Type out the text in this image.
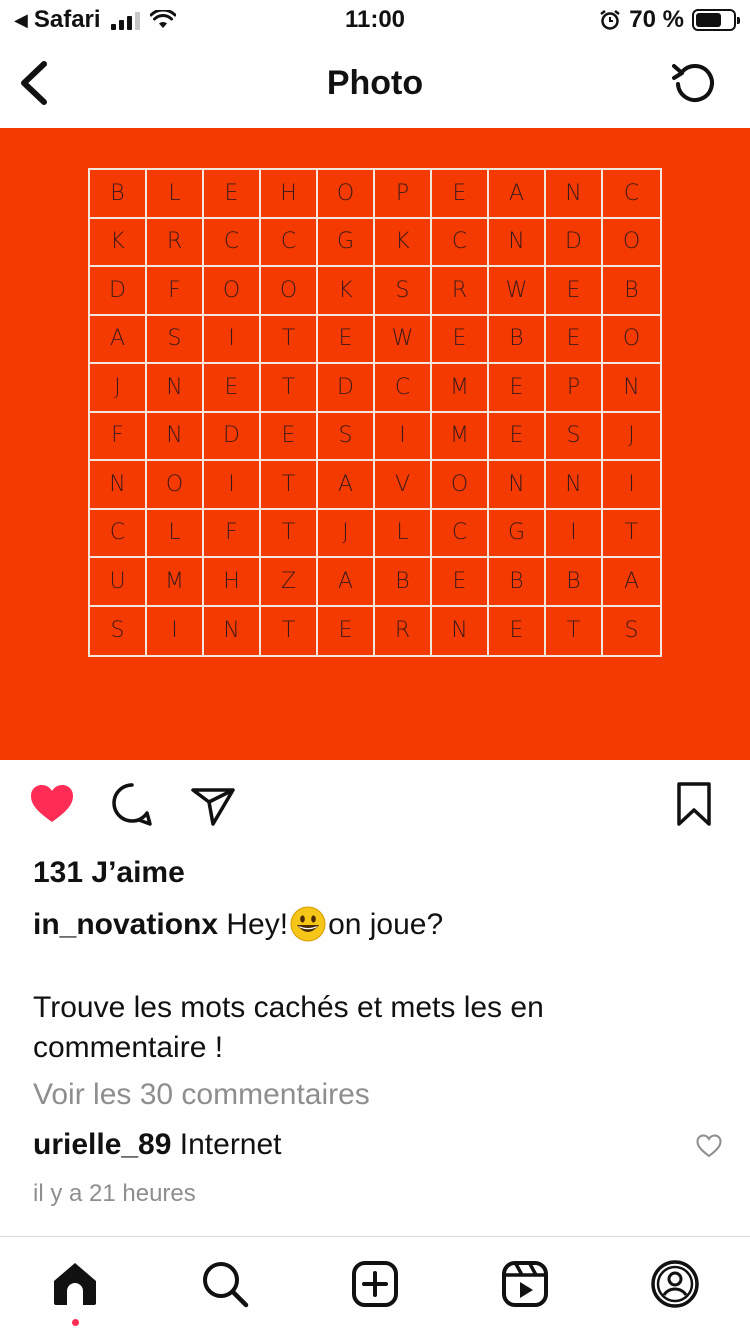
◀ Safari	11:00	70 %
Photo
B	L	E	H	O	P	E	A	N	C
K	R	C	C	G	K	C	N	D	O
D	F	O	O	K	S	R	W	E	B
A	S	I	T	E	W	E	B	E	O
J	N	E	T	D	C	M	E	P	N
F	N	D	E	S	I	M	E	S	J
N	O	I	T	A	V	O	N	N	I
C	L	F	T	J	L	C	G	I	T
U	M	H	Z	A	B	E	B	B	A
S	I	N	T	E	R	N	E	T	S
131 J’aime
in_novationx Hey! on joue?
Trouve les mots cachés et mets les en commentaire !
Voir les 30 commentaires
urielle_89 Internet
il y a 21 heures
